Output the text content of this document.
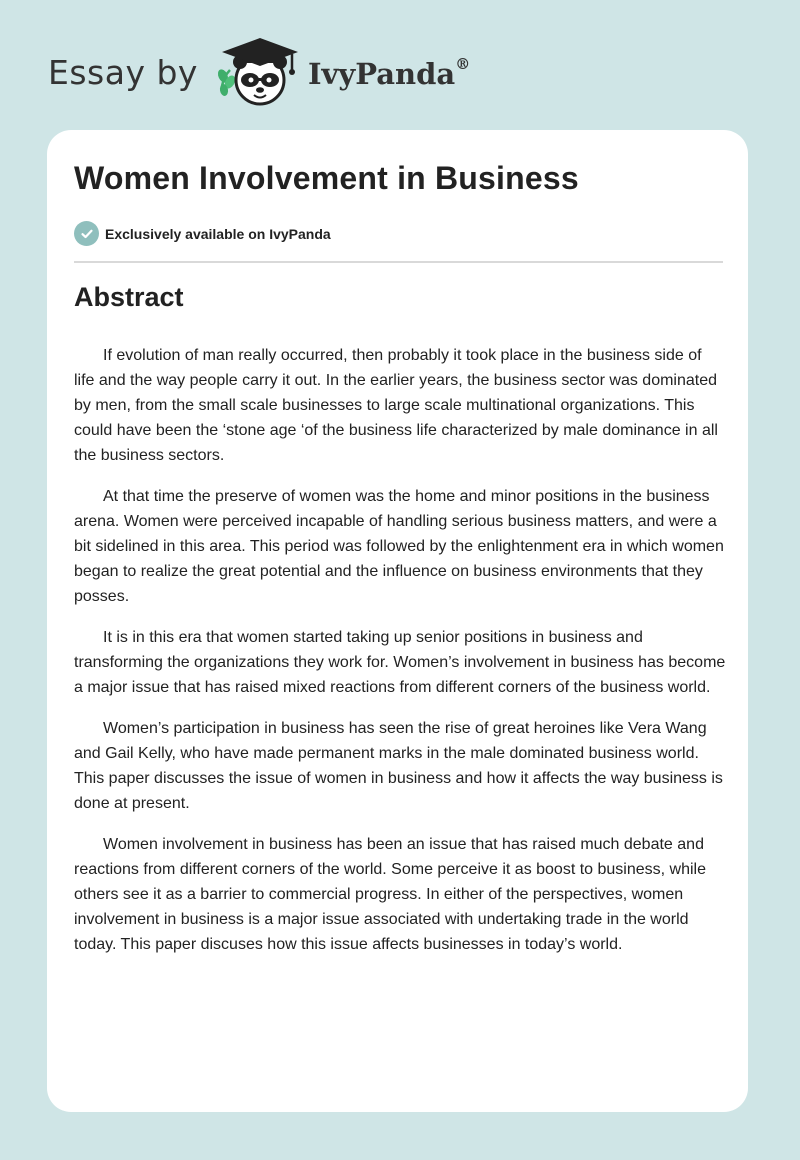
Essay by	IvyPanda®
Women Involvement in Business
Exclusively available on IvyPanda
Abstract

If evolution of man really occurred, then probably it took place in the business side of life and the way people carry it out. In the earlier years, the business sector was dominated by men, from the small scale businesses to large scale multinational organizations. This could have been the ‘stone age ‘of the business life characterized by male dominance in all the business sectors.

At that time the preserve of women was the home and minor positions in the business arena. Women were perceived incapable of handling serious business matters, and were a bit sidelined in this area. This period was followed by the enlightenment era in which women began to realize the great potential and the influence on business environments that they posses.

It is in this era that women started taking up senior positions in business and transforming the organizations they work for. Women’s involvement in business has become a major issue that has raised mixed reactions from different corners of the business world.

Women’s participation in business has seen the rise of great heroines like Vera Wang and Gail Kelly, who have made permanent marks in the male dominated business world. This paper discusses the issue of women in business and how it affects the way business is done at present.

Women involvement in business has been an issue that has raised much debate and reactions from different corners of the world. Some perceive it as boost to business, while others see it as a barrier to commercial progress. In either of the perspectives, women involvement in business is a major issue associated with undertaking trade in the world today. This paper discuses how this issue affects businesses in today’s world.
